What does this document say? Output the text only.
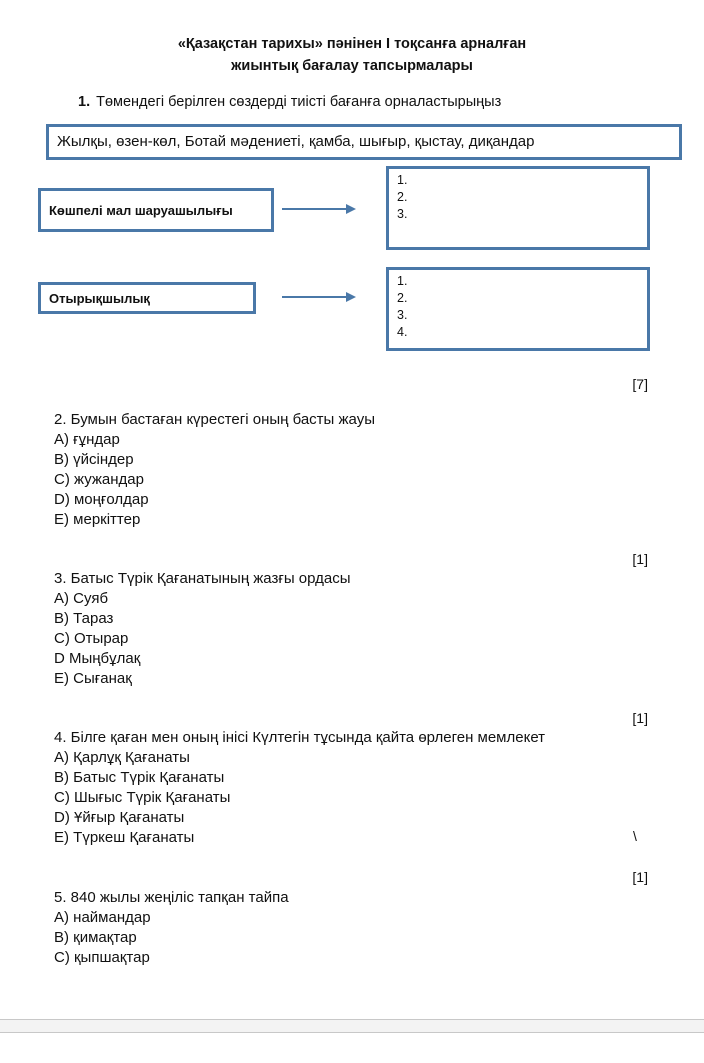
«Қазақстан тарихы» пәнінен I тоқсанға арналған
жиынтық бағалау тапсырмалары
1. Төмендегі берілген сөздерді тиісті бағанға орналастырыңыз
Жылқы, өзен-көл, Ботай мәдениеті, қамба, шығыр, қыстау, диқандар
Көшпелі мал шаруашылығы
1.
2.
3.
Отырықшылық
1.
2.
3.
4.
[7]
2. Бумын бастаған күрестегі оның басты жауы
A) ғұндар
B) үйсіндер
C) жужандар
D) моңғолдар
E) меркіттер
[1]
3. Батыс Түрік Қағанатының жазғы ордасы
A) Суяб
B) Тараз
C) Отырар
D Мыңбұлақ
E) Сығанақ
[1]
4. Білге қаған мен оның інісі Күлтегін тұсында қайта өрлеген мемлекет
A) Қарлұқ Қағанаты
B) Батыс Түрік Қағанаты
C) Шығыс Түрік Қағанаты
D) Ұйғыр Қағанаты
E) Түркеш Қағанаты	\
[1]
5. 840 жылы жеңіліс тапқан тайпа
A) наймандар
B) қимақтар
C) қыпшақтар
